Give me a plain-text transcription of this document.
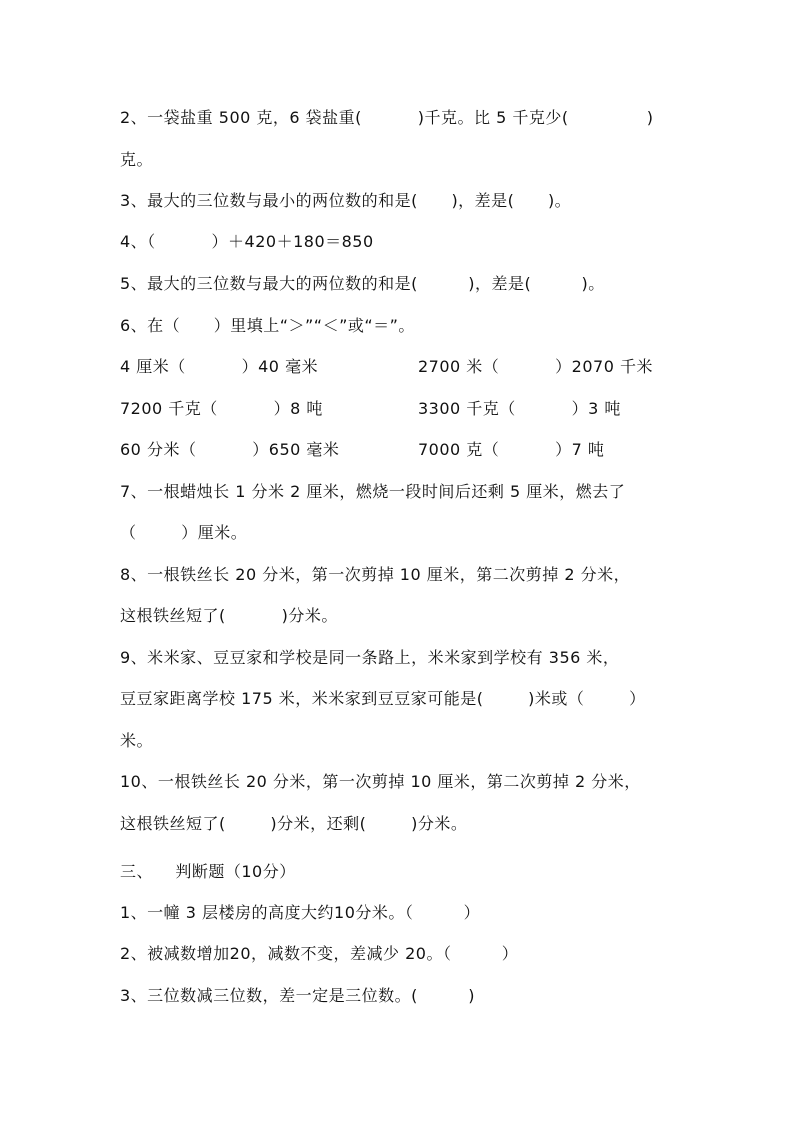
2、一袋盐重 500 克，6 袋盐重(          )千克。比 5 千克少(              )
克。
3、最大的三位数与最小的两位数的和是(      )，差是(      )。
4、（          ）＋420＋180＝850
5、最大的三位数与最大的两位数的和是(         )，差是(         )。
6、在（      ）里填上“＞”“＜”或“＝”。
4 厘米（          ）40 毫米	2700 米（          ）2070 千米
7200 千克（          ）8 吨	3300 千克（          ）3 吨
60 分米（          ）650 毫米	7000 克（          ）7 吨
7、一根蜡烛长 1 分米 2 厘米，燃烧一段时间后还剩 5 厘米，燃去了
（        ）厘米。
8、一根铁丝长 20 分米，第一次剪掉 10 厘米，第二次剪掉 2 分米，
这根铁丝短了(          )分米。
9、米米家、豆豆家和学校是同一条路上，米米家到学校有 356 米，
豆豆家距离学校 175 米，米米家到豆豆家可能是(        )米或（        ）
米。
10、一根铁丝长 20 分米，第一次剪掉 10 厘米，第二次剪掉 2 分米，
这根铁丝短了(        )分米，还剩(        )分米。
三、    判断题（10分）
1、一幢 3 层楼房的高度大约10分米。（         ）
2、被减数增加20，减数不变，差减少 20。（         ）
3、三位数减三位数，差一定是三位数。(         )
